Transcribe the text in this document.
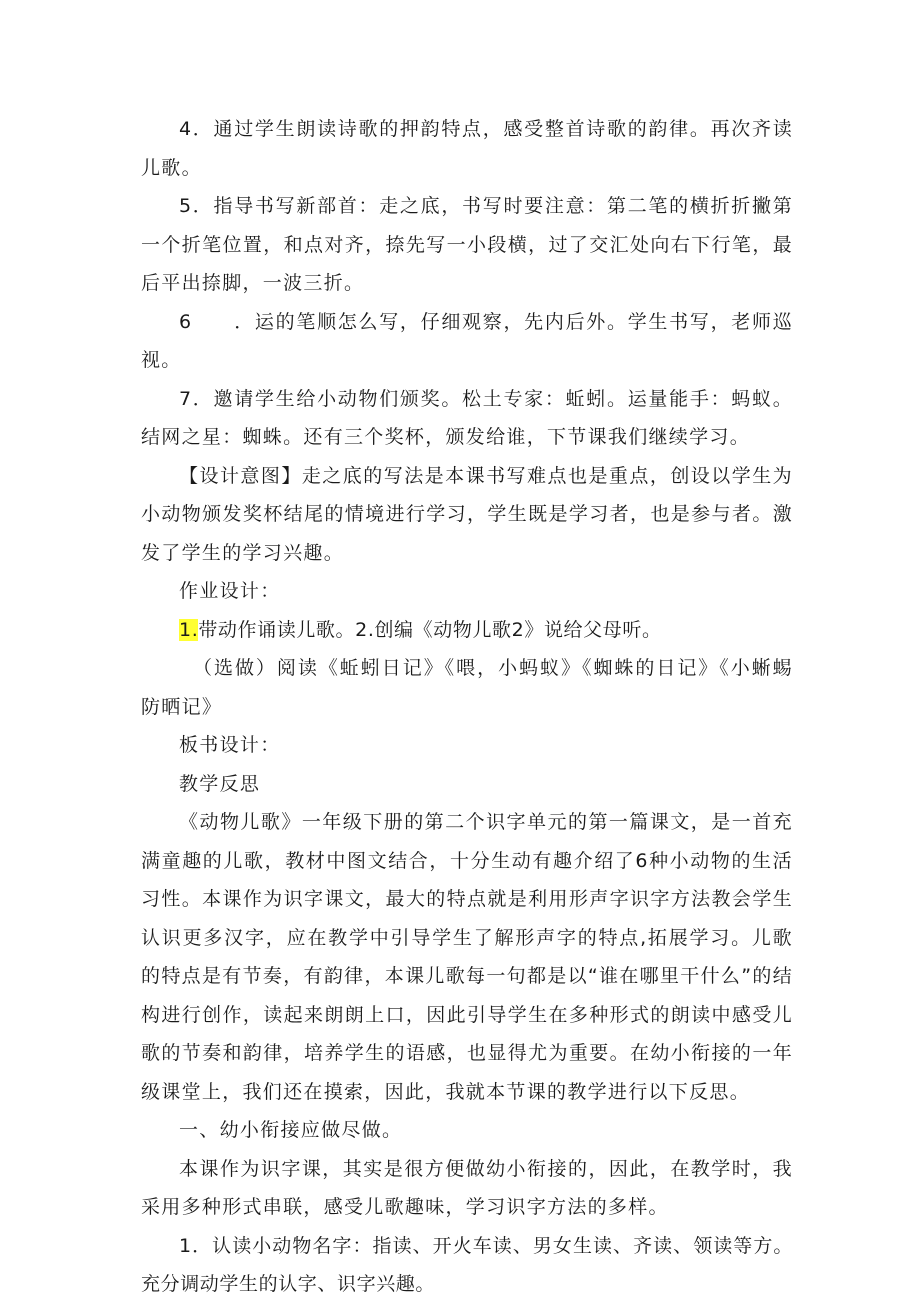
4．通过学生朗读诗歌的押韵特点，感受整首诗歌的韵律。再次齐读儿歌。

5．指导书写新部首：走之底，书写时要注意：第二笔的横折折撇第一个折笔位置，和点对齐，捺先写一小段横，过了交汇处向右下行笔，最后平出捺脚，一波三折。

6　　．运的笔顺怎么写，仔细观察，先内后外。学生书写，老师巡视。

7．邀请学生给小动物们颁奖。松土专家：蚯蚓。运量能手：蚂蚁。结网之星：蜘蛛。还有三个奖杯，颁发给谁，下节课我们继续学习。

【设计意图】走之底的写法是本课书写难点也是重点，创设以学生为小动物颁发奖杯结尾的情境进行学习，学生既是学习者，也是参与者。激发了学生的学习兴趣。

作业设计：

1.带动作诵读儿歌。2.创编《动物儿歌2》说给父母听。

（选做）阅读《蚯蚓日记》《喂，小蚂蚁》《蜘蛛的日记》《小蜥蜴防晒记》

板书设计：

教学反思

《动物儿歌》一年级下册的第二个识字单元的第一篇课文，是一首充满童趣的儿歌，教材中图文结合，十分生动有趣介绍了6种小动物的生活习性。本课作为识字课文，最大的特点就是利用形声字识字方法教会学生认识更多汉字，应在教学中引导学生了解形声字的特点,拓展学习。儿歌的特点是有节奏，有韵律，本课儿歌每一句都是以“谁在哪里干什么”的结构进行创作，读起来朗朗上口，因此引导学生在多种形式的朗读中感受儿歌的节奏和韵律，培养学生的语感，也显得尤为重要。在幼小衔接的一年级课堂上，我们还在摸索，因此，我就本节课的教学进行以下反思。

一、幼小衔接应做尽做。

本课作为识字课，其实是很方便做幼小衔接的，因此，在教学时，我采用多种形式串联，感受儿歌趣味，学习识字方法的多样。

1．认读小动物名字：指读、开火车读、男女生读、齐读、领读等方。充分调动学生的认字、识字兴趣。
